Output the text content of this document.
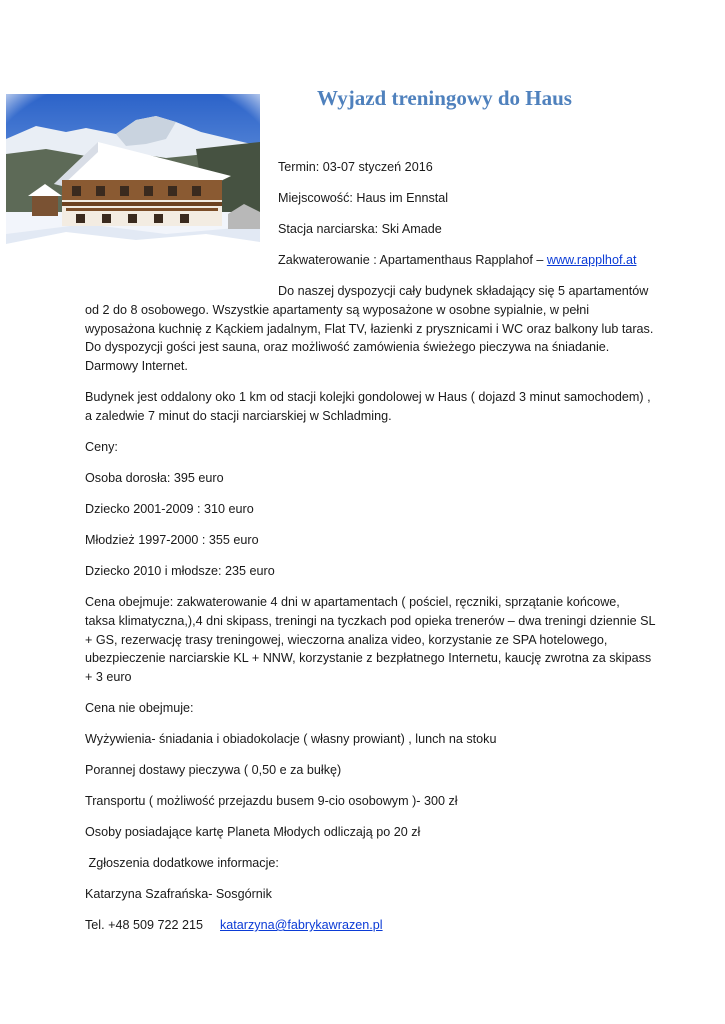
Wyjazd treningowy do Haus
Termin: 03-07 styczeń 2016
Miejscowość: Haus im Ennstal
Stacja narciarska: Ski Amade
Zakwaterowanie : Apartamenthaus Rapplahof – www.rapplhof.at
Do naszej dyspozycji cały budynek składający się 5 apartamentów
od 2 do 8 osobowego. Wszystkie apartamenty są wyposażone w osobne sypialnie, w pełni
wyposażona kuchnię z Kąckiem jadalnym, Flat TV, łazienki z prysznicami i WC oraz balkony lub taras.
Do dyspozycji gości jest sauna, oraz możliwość zamówienia świeżego pieczywa na śniadanie.
Darmowy Internet.
Budynek jest oddalony oko 1 km od stacji kolejki gondolowej w Haus ( dojazd 3 minut samochodem) ,
a zaledwie 7 minut do stacji narciarskiej w Schladming.
Ceny:
Osoba dorosła: 395 euro
Dziecko 2001-2009 : 310 euro
Młodzież 1997-2000 : 355 euro
Dziecko 2010 i młodsze: 235 euro
Cena obejmuje: zakwaterowanie 4 dni w apartamentach ( pościel, ręczniki, sprzątanie końcowe,
taksa klimatyczna,),4 dni skipass, treningi na tyczkach pod opieka trenerów – dwa treningi dziennie SL
+ GS, rezerwację trasy treningowej, wieczorna analiza video, korzystanie ze SPA hotelowego,
ubezpieczenie narciarskie KL + NNW, korzystanie z bezpłatnego Internetu, kaucję zwrotna za skipass
+ 3 euro
Cena nie obejmuje:
Wyżywienia- śniadania i obiadokolacje ( własny prowiant) , lunch na stoku
Porannej dostawy pieczywa ( 0,50 e za bułkę)
Transportu ( możliwość przejazdu busem 9-cio osobowym )- 300 zł
Osoby posiadające kartę Planeta Młodych odliczają po 20 zł
Zgłoszenia dodatkowe informacje:
Katarzyna Szafrańska- Sosgórnik
Tel. +48 509 722 215 katarzyna@fabrykawrazen.pl
